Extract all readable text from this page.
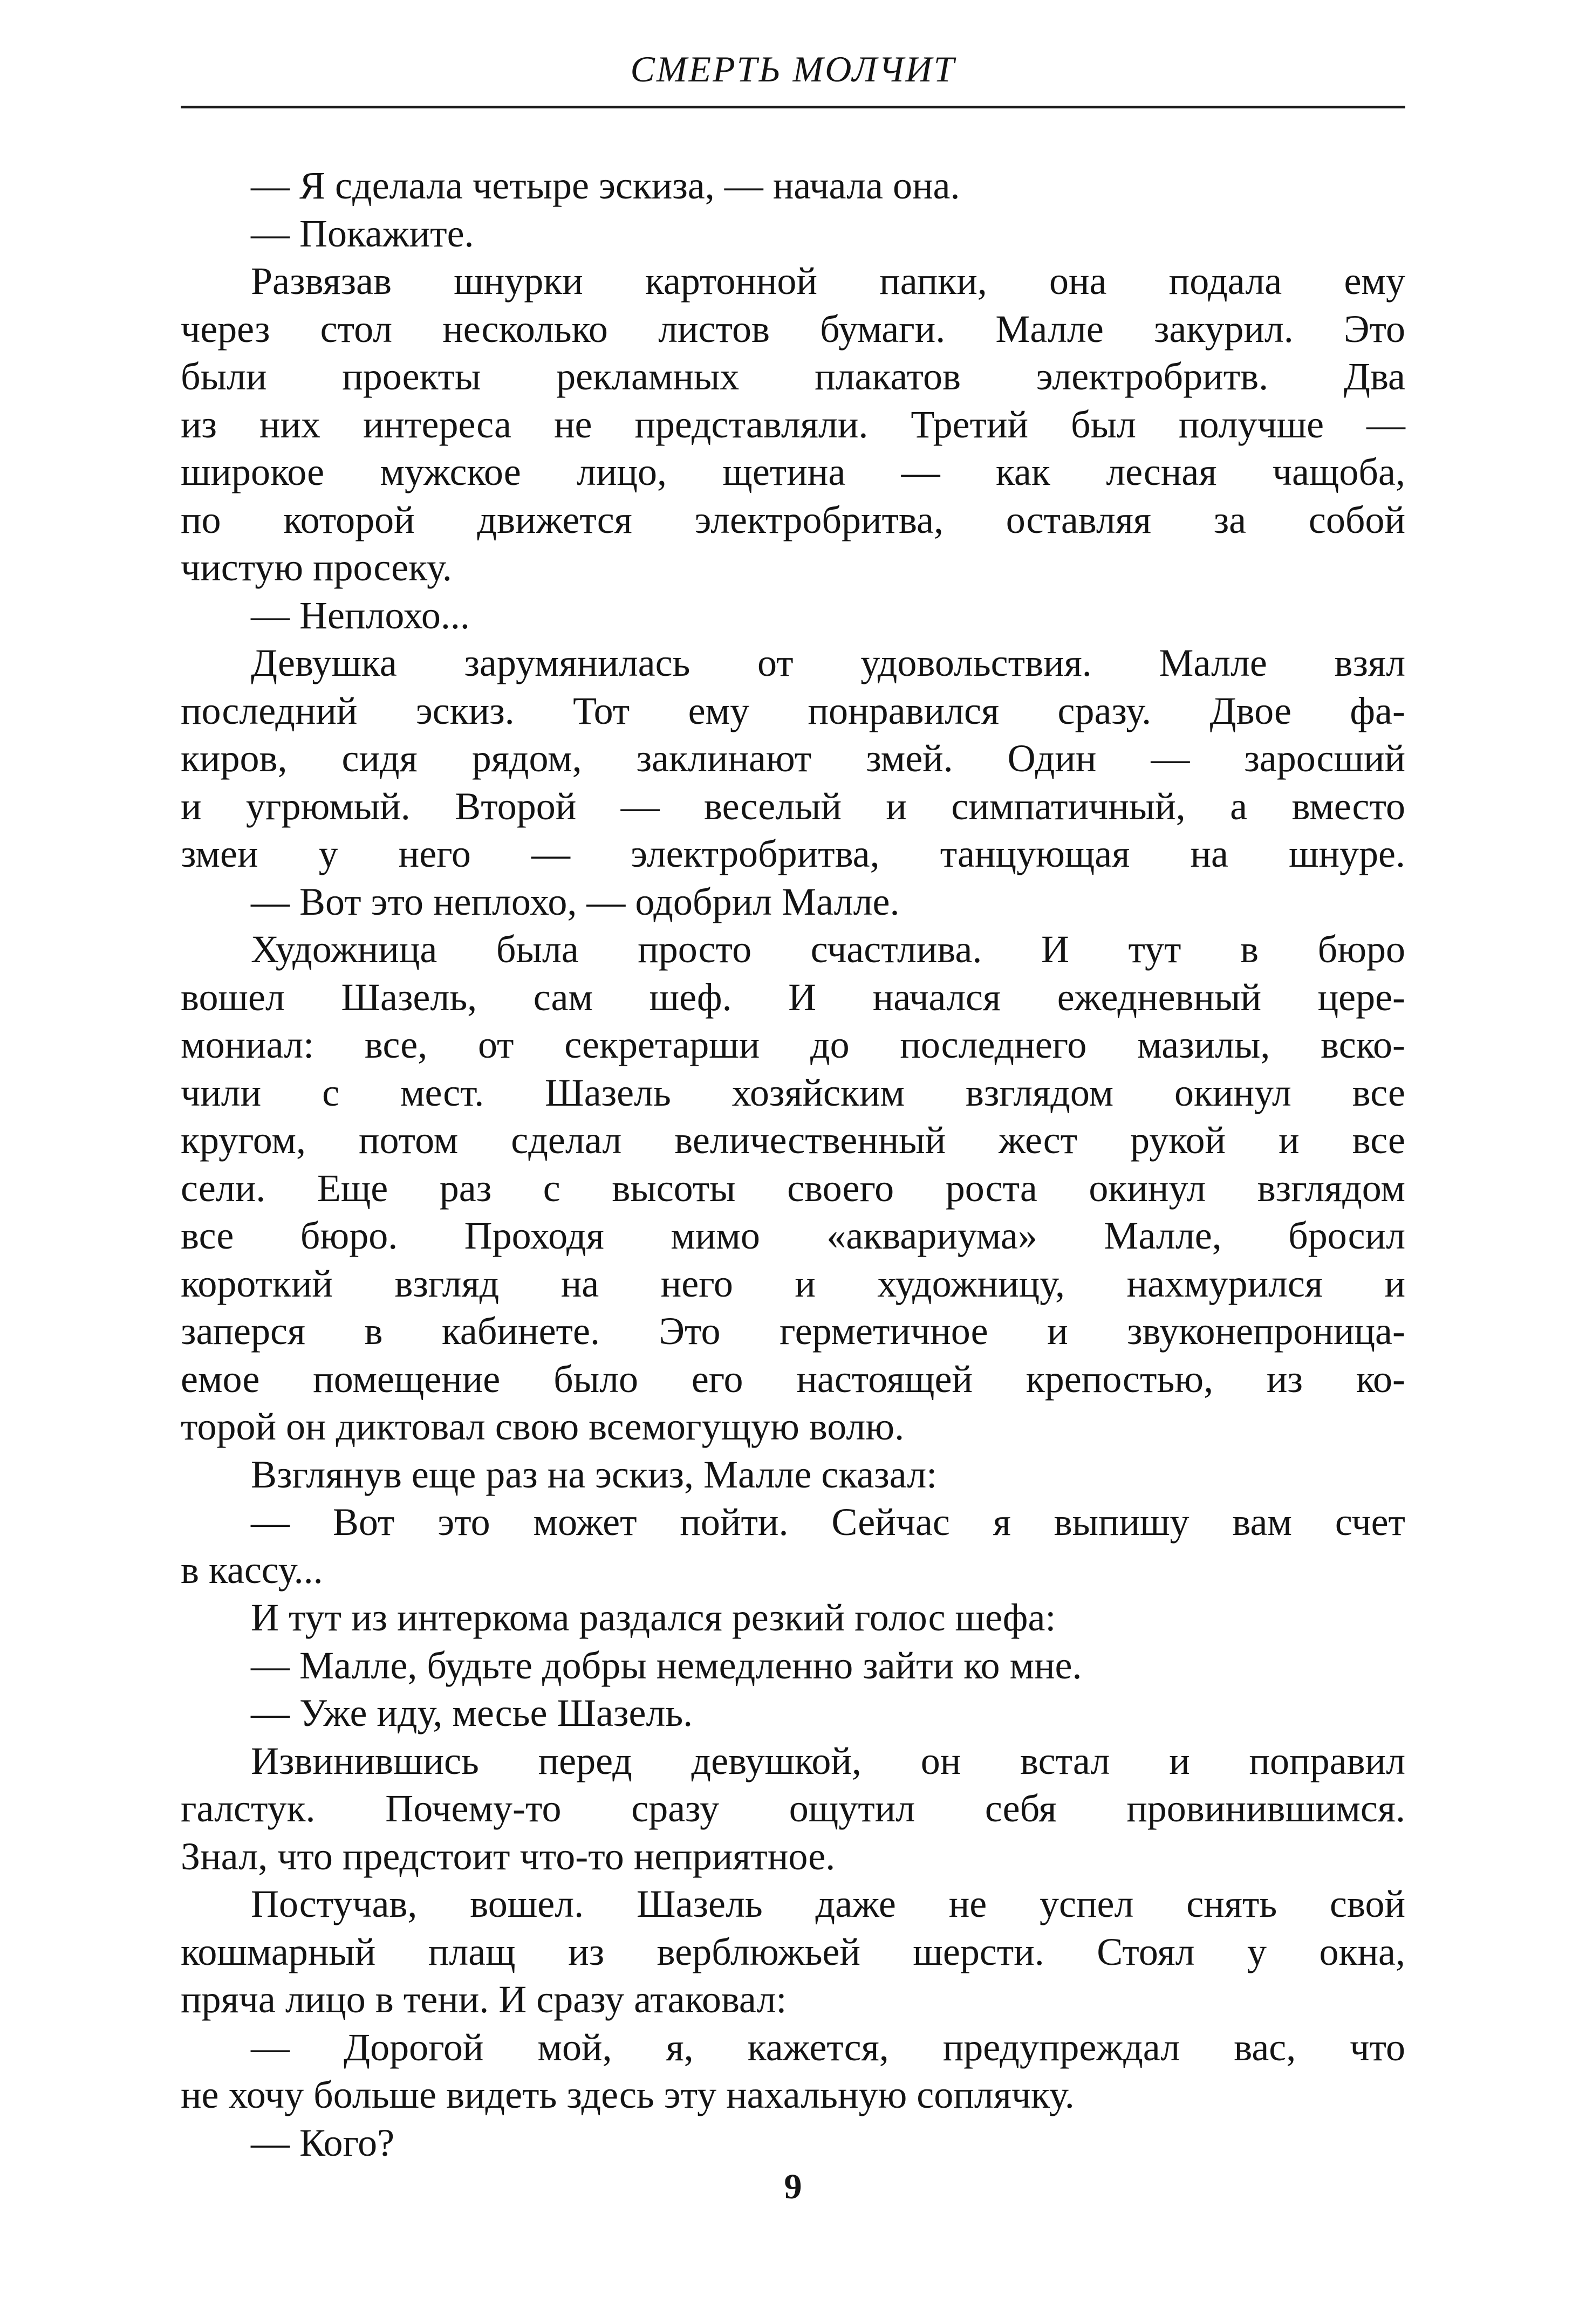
СМЕРТЬ МОЛЧИТ
— Я сделала четыре эскиза, — начала она.
— Покажите.
Развязав шнурки картонной папки, она подала ему
через стол несколько листов бумаги. Малле закурил. Это
были проекты рекламных плакатов электробритв. Два
из них интереса не представляли. Третий был получше —
широкое мужское лицо, щетина — как лесная чащоба,
по которой движется электробритва, оставляя за собой
чистую просеку.
— Неплохо...
Девушка зарумянилась от удовольствия. Малле взял
последний эскиз. Тот ему понравился сразу. Двое фа-
киров, сидя рядом, заклинают змей. Один — заросший
и угрюмый. Второй — веселый и симпатичный, а вместо
змеи у него — электробритва, танцующая на шнуре.
— Вот это неплохо, — одобрил Малле.
Художница была просто счастлива. И тут в бюро
вошел Шазель, сам шеф. И начался ежедневный цере-
мониал: все, от секретарши до последнего мазилы, вско-
чили с мест. Шазель хозяйским взглядом окинул все
кругом, потом сделал величественный жест рукой и все
сели. Еще раз с высоты своего роста окинул взглядом
все бюро. Проходя мимо «аквариума» Малле, бросил
короткий взгляд на него и художницу, нахмурился и
заперся в кабинете. Это герметичное и звуконепроница-
емое помещение было его настоящей крепостью, из ко-
торой он диктовал свою всемогущую волю.
Взглянув еще раз на эскиз, Малле сказал:
— Вот это может пойти. Сейчас я выпишу вам счет
в кассу...
И тут из интеркома раздался резкий голос шефа:
— Малле, будьте добры немедленно зайти ко мне.
— Уже иду, месье Шазель.
Извинившись перед девушкой, он встал и поправил
галстук. Почему-то сразу ощутил себя провинившимся.
Знал, что предстоит что-то неприятное.
Постучав, вошел. Шазель даже не успел снять свой
кошмарный плащ из верблюжьей шерсти. Стоял у окна,
пряча лицо в тени. И сразу атаковал:
— Дорогой мой, я, кажется, предупреждал вас, что
не хочу больше видеть здесь эту нахальную соплячку.
— Кого?
9
